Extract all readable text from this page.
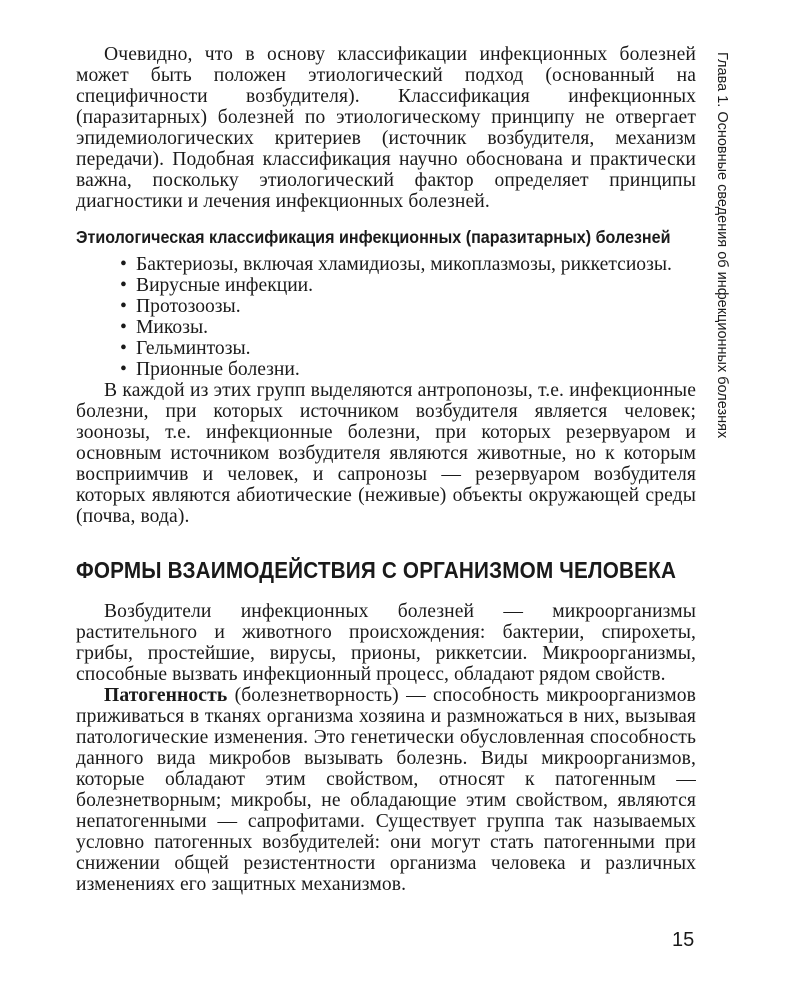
Глава 1. Основные сведения об инфекционных болезнях

Очевидно, что в основу классификации инфекционных болезней может быть положен этиологический подход (основанный на специфичности возбудителя). Классификация инфекционных (паразитарных) болезней по этиологическому принципу не отвергает эпидемиологических критериев (источник возбудителя, механизм передачи). Подобная классификация научно обоснована и практически важна, поскольку этиологический фактор определяет принципы диагностики и лечения инфекционных болезней.

Этиологическая классификация инфекционных (паразитарных) болезней
• Бактериозы, включая хламидиозы, микоплазмозы, риккетсиозы.
• Вирусные инфекции.
• Протозоозы.
• Микозы.
• Гельминтозы.
• Прионные болезни.

В каждой из этих групп выделяются антропонозы, т.е. инфекционные болезни, при которых источником возбудителя является человек; зоонозы, т.е. инфекционные болезни, при которых резервуаром и основным источником возбудителя являются животные, но к которым восприимчив и человек, и сапронозы — резервуаром возбудителя которых являются абиотические (неживые) объекты окружающей среды (почва, вода).

ФОРМЫ ВЗАИМОДЕЙСТВИЯ С ОРГАНИЗМОМ ЧЕЛОВЕКА

Возбудители инфекционных болезней — микроорганизмы растительного и животного происхождения: бактерии, спирохеты, грибы, простейшие, вирусы, прионы, риккетсии. Микроорганизмы, способные вызвать инфекционный процесс, обладают рядом свойств.

Патогенность (болезнетворность) — способность микроорганизмов приживаться в тканях организма хозяина и размножаться в них, вызывая патологические изменения. Это генетически обусловленная способность данного вида микробов вызывать болезнь. Виды микроорганизмов, которые обладают этим свойством, относят к патогенным — болезнетворным; микробы, не обладающие этим свойством, являются непатогенными — сапрофитами. Существует группа так называемых условно патогенных возбудителей: они могут стать патогенными при снижении общей резистентности организма человека и различных изменениях его защитных механизмов.

15
